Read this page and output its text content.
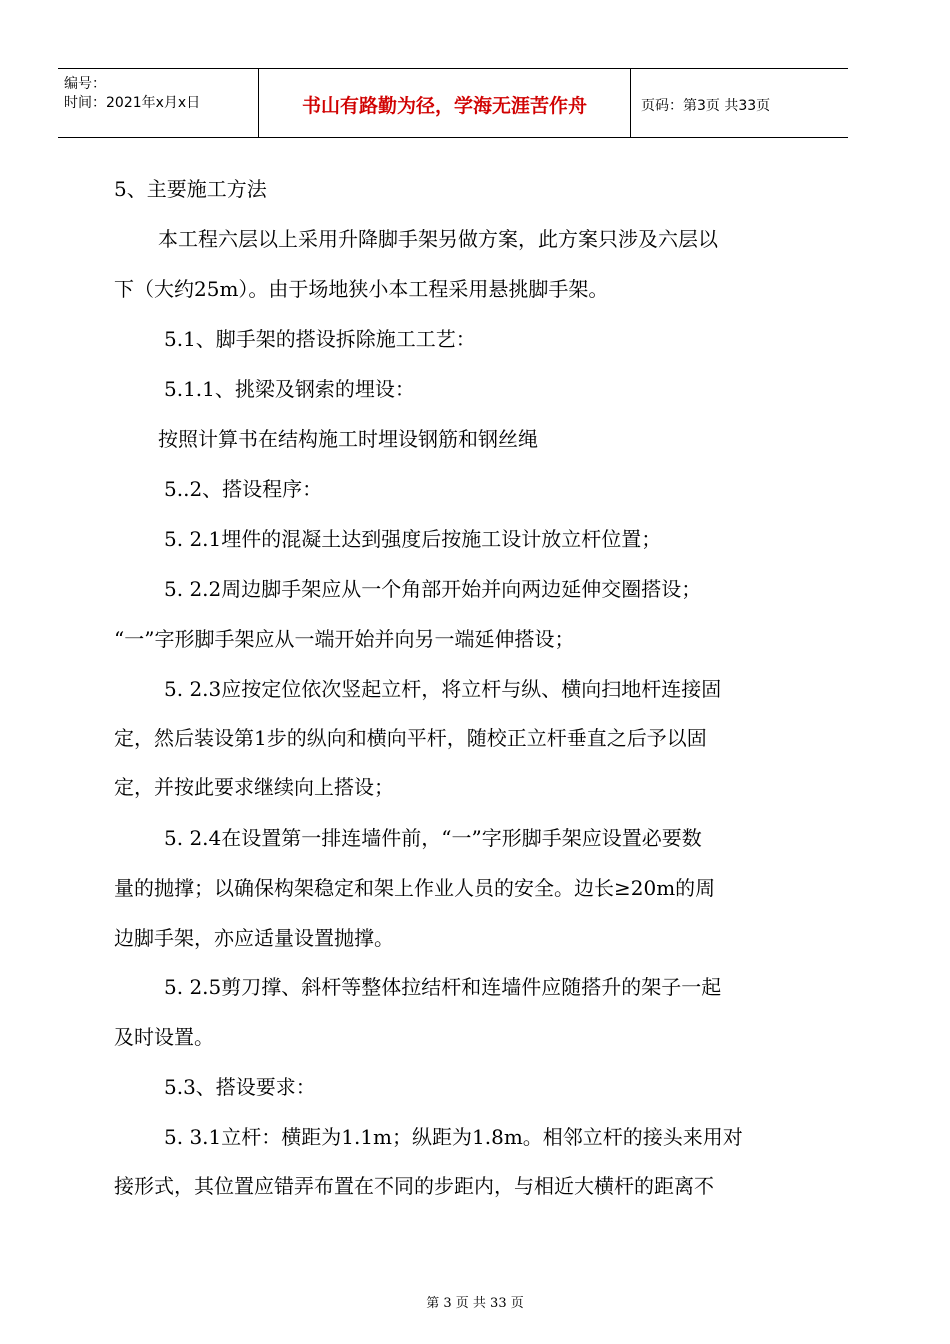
编号：
时间：2021年x月x日	书山有路勤为径，学海无涯苦作舟	页码：第3页 共33页
5、主要施工方法
本工程六层以上采用升降脚手架另做方案，此方案只涉及六层以
下（大约25m）。由于场地狭小本工程采用悬挑脚手架。
5.1、脚手架的搭设拆除施工工艺：
5.1.1、挑梁及钢索的埋设：
按照计算书在结构施工时埋设钢筋和钢丝绳
5..2、搭设程序：
5. 2.1埋件的混凝土达到强度后按施工设计放立杆位置；
5. 2.2周边脚手架应从一个角部开始并向两边延伸交圈搭设；
“一”字形脚手架应从一端开始并向另一端延伸搭设；
5. 2.3应按定位依次竖起立杆，将立杆与纵、横向扫地杆连接固
定，然后装设第1步的纵向和横向平杆，随校正立杆垂直之后予以固
定，并按此要求继续向上搭设；
5. 2.4在设置第一排连墙件前，“一”字形脚手架应设置必要数
量的抛撑；以确保构架稳定和架上作业人员的安全。边长≥20m的周
边脚手架，亦应适量设置抛撑。
5. 2.5剪刀撑、斜杆等整体拉结杆和连墙件应随搭升的架子一起
及时设置。
5.3、搭设要求：
5. 3.1立杆：横距为1.1m；纵距为1.8m。相邻立杆的接头来用对
接形式，其位置应错弄布置在不同的步距内，与相近大横杆的距离不
第 3 页 共 33 页
